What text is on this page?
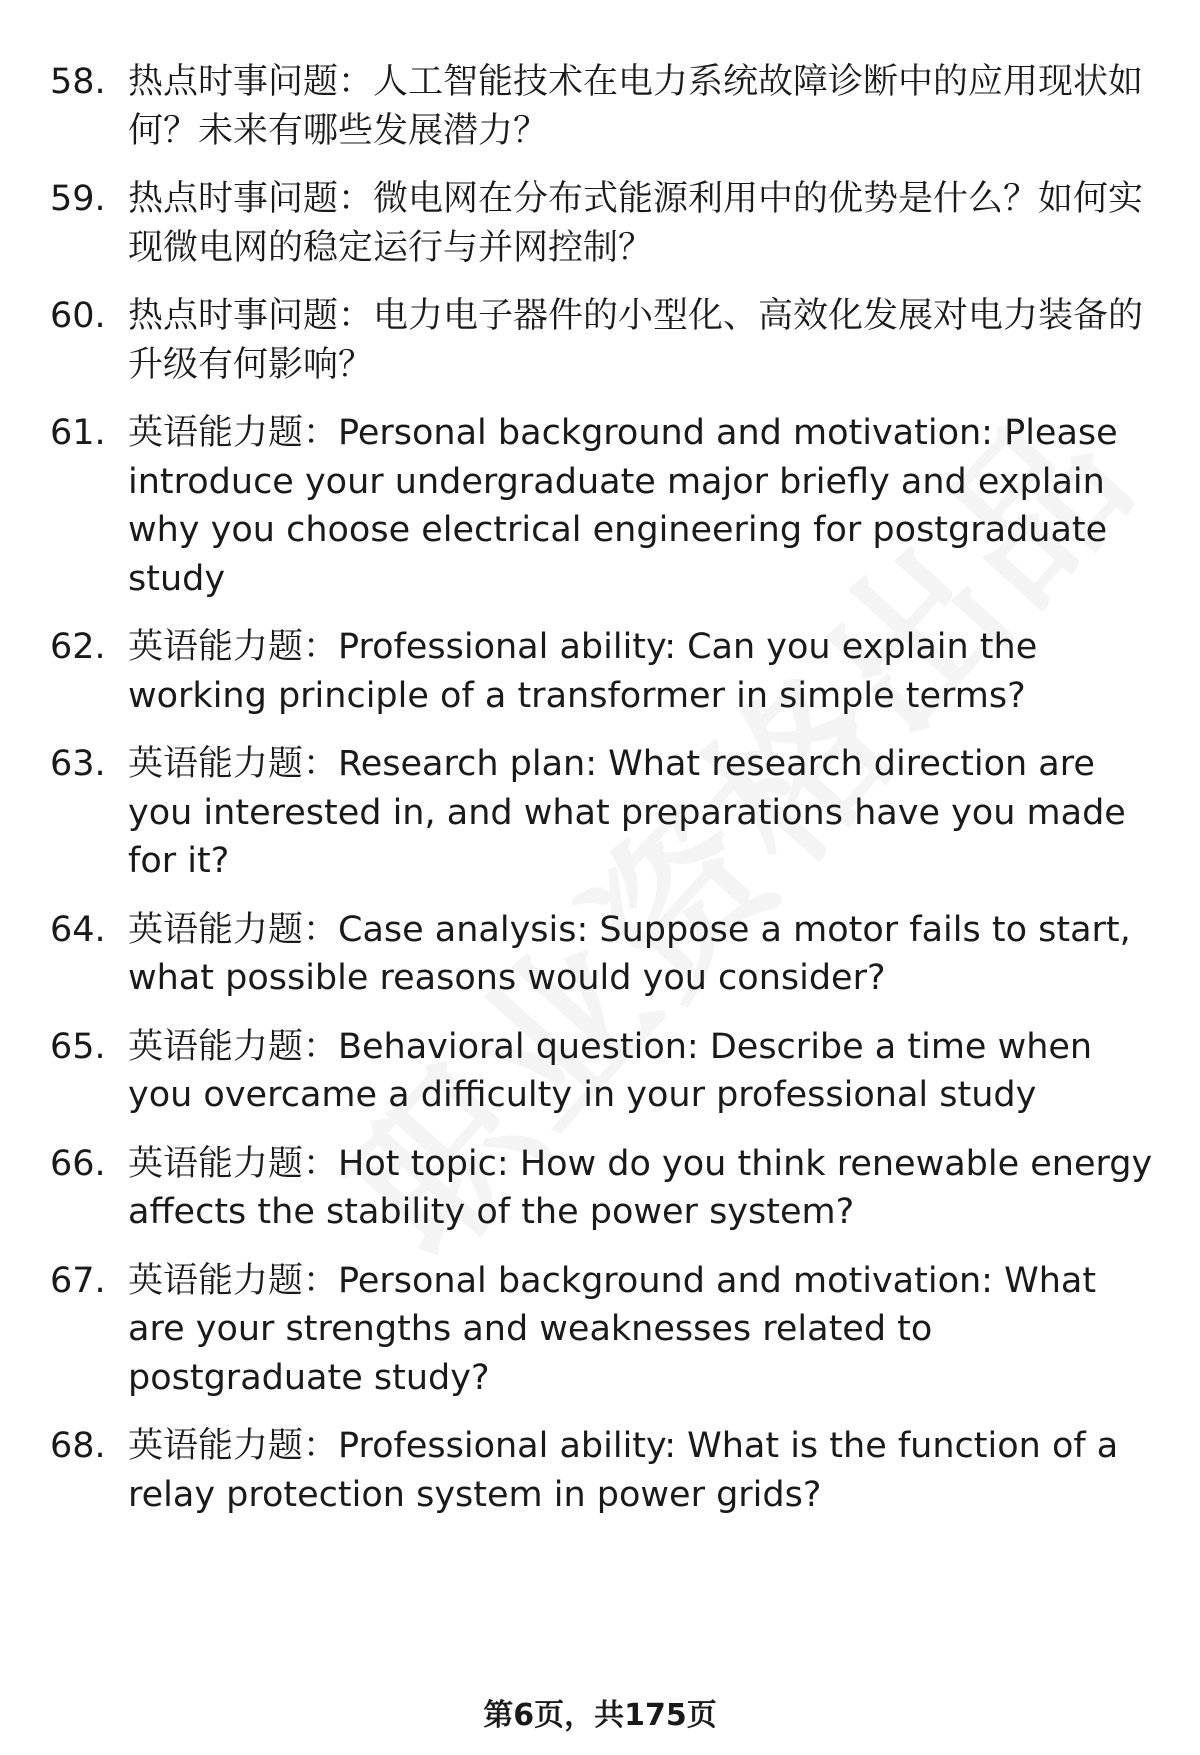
58. 热点时事问题：人工智能技术在电力系统故障诊断中的应用现状如何？未来有哪些发展潜力？
59. 热点时事问题：微电网在分布式能源利用中的优势是什么？如何实现微电网的稳定运行与并网控制？
60. 热点时事问题：电力电子器件的小型化、高效化发展对电力装备的升级有何影响？
61. 英语能力题：Personal background and motivation: Please introduce your undergraduate major briefly and explain why you choose electrical engineering for postgraduate study
62. 英语能力题：Professional ability: Can you explain the working principle of a transformer in simple terms?
63. 英语能力题：Research plan: What research direction are you interested in, and what preparations have you made for it?
64. 英语能力题：Case analysis: Suppose a motor fails to start, what possible reasons would you consider?
65. 英语能力题：Behavioral question: Describe a time when you overcame a difficulty in your professional study
66. 英语能力题：Hot topic: How do you think renewable energy affects the stability of the power system?
67. 英语能力题：Personal background and motivation: What are your strengths and weaknesses related to postgraduate study?
68. 英语能力题：Professional ability: What is the function of a relay protection system in power grids?
第6页，共175页
